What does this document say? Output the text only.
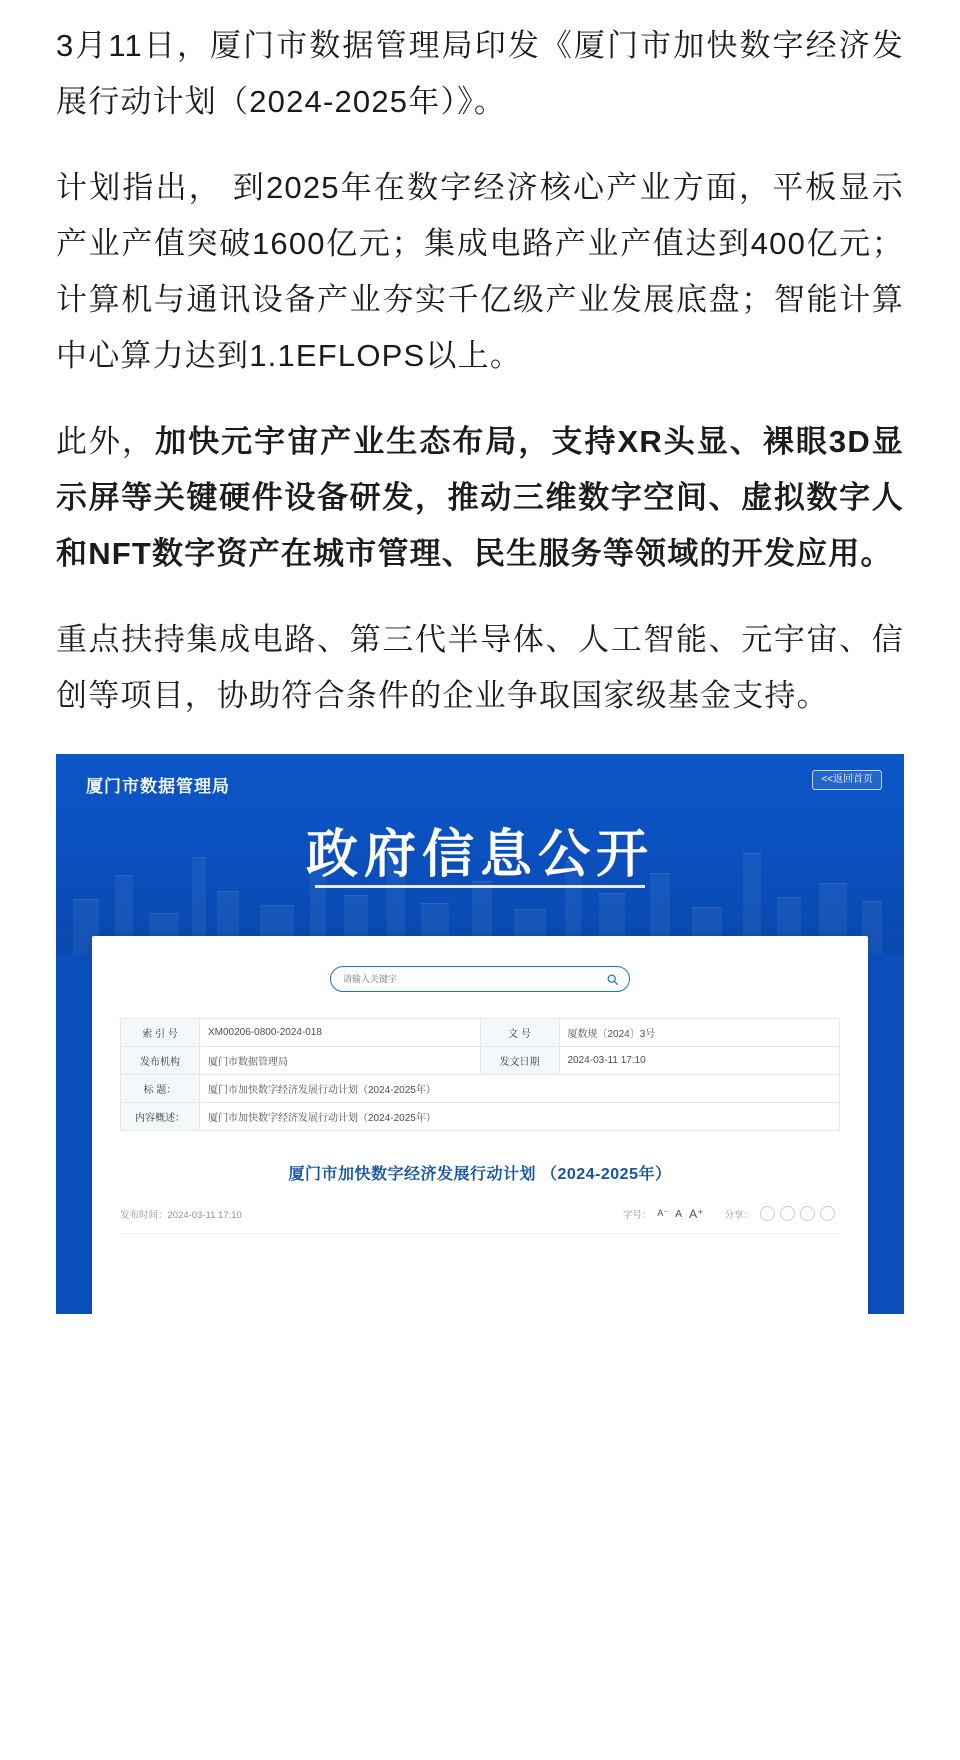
3月11日，厦门市数据管理局印发《厦门市加快数字经济发展行动计划（2024-2025年）》。

计划指出， 到2025年在数字经济核心产业方面，平板显示产业产值突破1600亿元；集成电路产业产值达到400亿元；计算机与通讯设备产业夯实千亿级产业发展底盘；智能计算中心算力达到1.1EFLOPS以上。

此外，加快元宇宙产业生态布局，支持XR头显、裸眼3D显示屏等关键硬件设备研发，推动三维数字空间、虚拟数字人和NFT数字资产在城市管理、民生服务等领域的开发应用。

重点扶持集成电路、第三代半导体、人工智能、元宇宙、信创等项目，协助符合条件的企业争取国家级基金支持。

厦门市数据管理局	<<返回首页
政府信息公开
请输入关键字
索 引 号	XM00206-0800-2024-018	文 号	厦数规〔2024〕3号
发布机构	厦门市数据管理局	发文日期	2024-03-11 17:10
标 题：	厦门市加快数字经济发展行动计划（2024-2025年）		
内容概述：	厦门市加快数字经济发展行动计划（2024-2025年）		
厦门市加快数字经济发展行动计划 （2024-2025年）
发布时间：2024-03-11 17:10	字号： A⁻ A A⁺ 分享：
